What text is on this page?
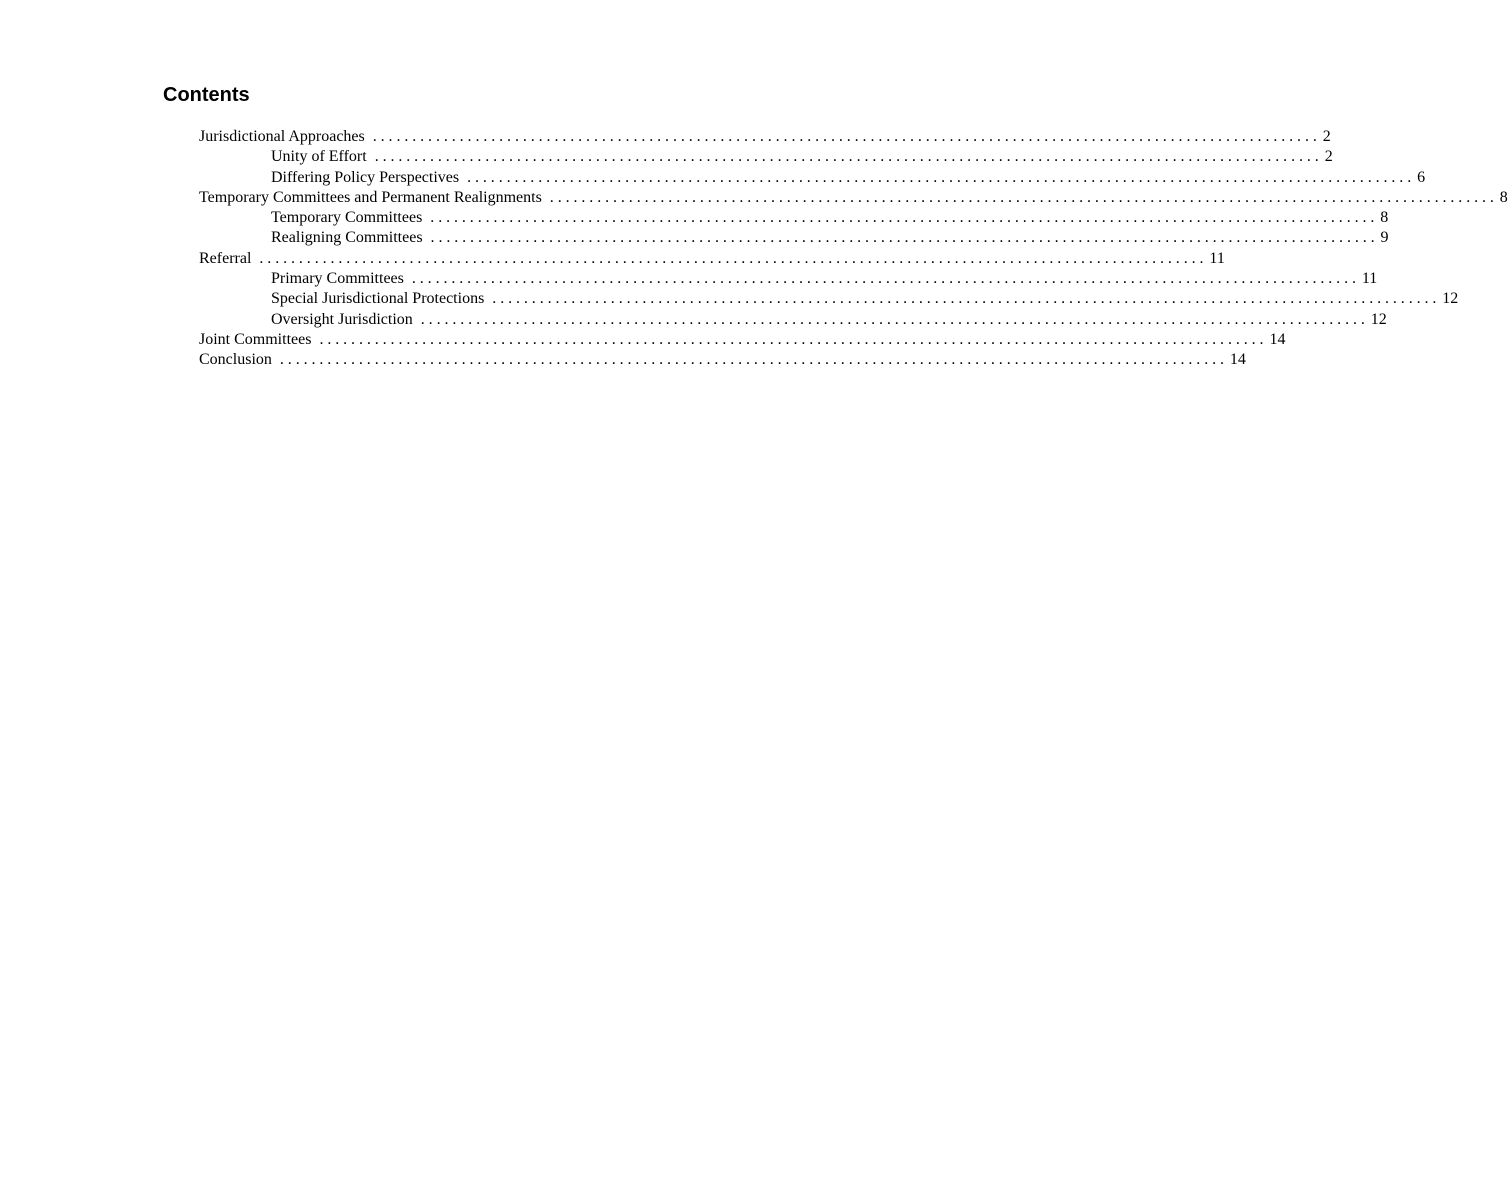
Contents
Jurisdictional Approaches ........................................................................................................................ 2
Unity of Effort ........................................................................................................................ 2
Differing Policy Perspectives ........................................................................................................................ 6
Temporary Committees and Permanent Realignments ........................................................................................................................ 8
Temporary Committees ........................................................................................................................ 8
Realigning Committees ........................................................................................................................ 9
Referral ........................................................................................................................ 11
Primary Committees ........................................................................................................................ 11
Special Jurisdictional Protections ........................................................................................................................ 12
Oversight Jurisdiction ........................................................................................................................ 12
Joint Committees ........................................................................................................................ 14
Conclusion ........................................................................................................................ 14
